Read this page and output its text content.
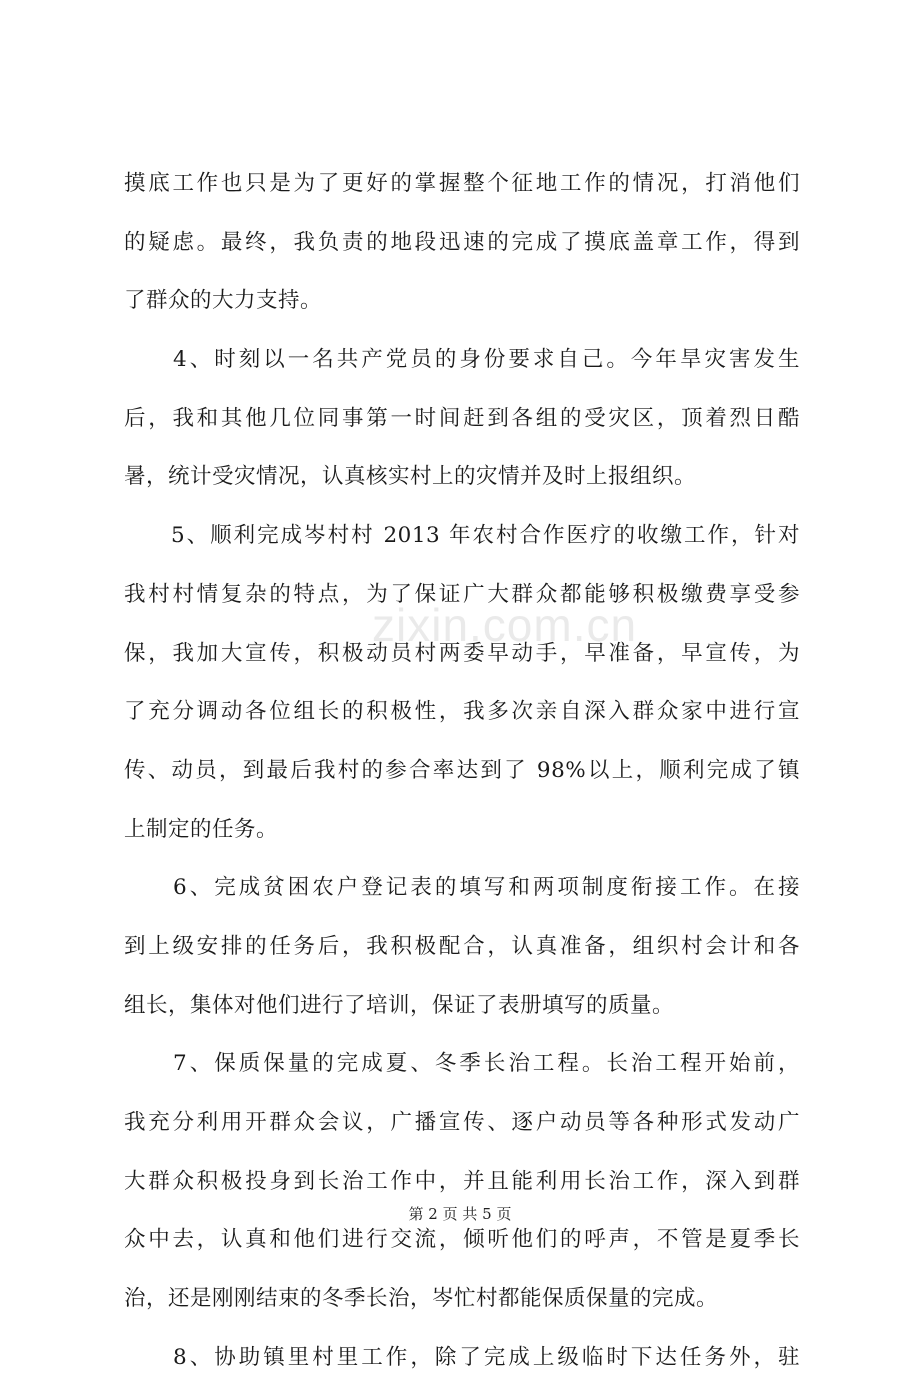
摸底工作也只是为了更好的掌握整个征地工作的情况，打消他们
的疑虑。最终，我负责的地段迅速的完成了摸底盖章工作，得到
了群众的大力支持。
　　4、时刻以一名共产党员的身份要求自己。今年旱灾害发生
后，我和其他几位同事第一时间赶到各组的受灾区，顶着烈日酷
暑，统计受灾情况，认真核实村上的灾情并及时上报组织。
　　5、顺利完成岑村村 2013 年农村合作医疗的收缴工作，针对
我村村情复杂的特点，为了保证广大群众都能够积极缴费享受参
保，我加大宣传，积极动员村两委早动手，早准备，早宣传，为
了充分调动各位组长的积极性，我多次亲自深入群众家中进行宣
传、动员，到最后我村的参合率达到了 98%以上，顺利完成了镇
上制定的任务。
　　6、完成贫困农户登记表的填写和两项制度衔接工作。在接
到上级安排的任务后，我积极配合，认真准备，组织村会计和各
组长，集体对他们进行了培训，保证了表册填写的质量。
　　7、保质保量的完成夏、冬季长治工程。长治工程开始前，
我充分利用开群众会议，广播宣传、逐户动员等各种形式发动广
大群众积极投身到长治工作中，并且能利用长治工作，深入到群
众中去，认真和他们进行交流，倾听他们的呼声，不管是夏季长
治，还是刚刚结束的冬季长治，岑忙村都能保质保量的完成。
　　8、协助镇里村里工作，除了完成上级临时下达任务外，驻
zixin.com.cn
第 2 页 共 5 页
